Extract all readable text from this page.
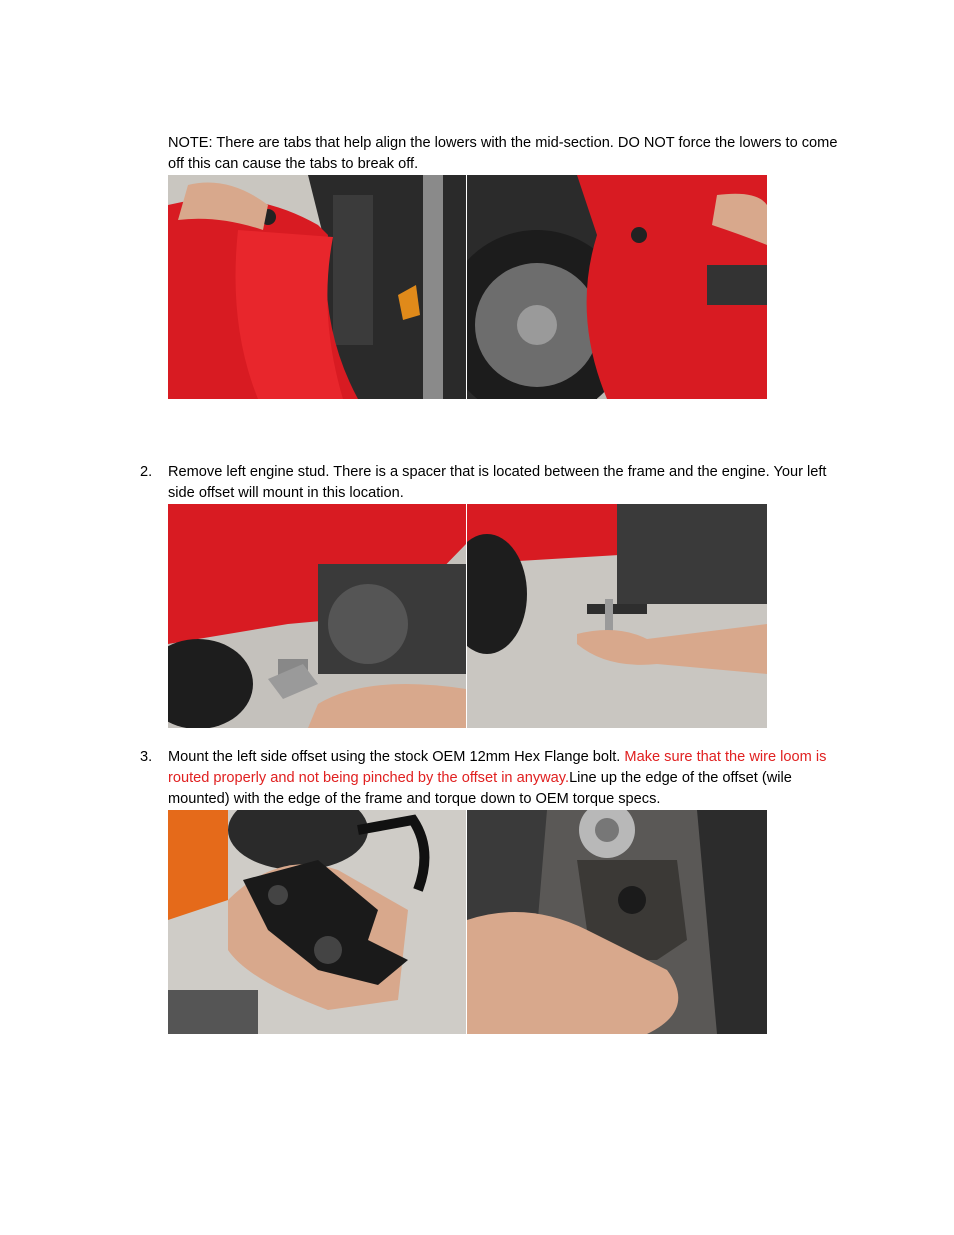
NOTE: There are tabs that help align the lowers with the mid-section. DO NOT force the lowers to come off this can cause the tabs to break off.
2.	Remove left engine stud. There is a spacer that is located between the frame and the engine. Your left side offset will mount in this location.
3.	Mount the left side offset using the stock OEM 12mm Hex Flange bolt. Make sure that the wire loom is routed properly and not being pinched by the offset in anyway.Line up the edge of the offset (wile mounted) with the edge of the frame and torque down to OEM torque specs.
